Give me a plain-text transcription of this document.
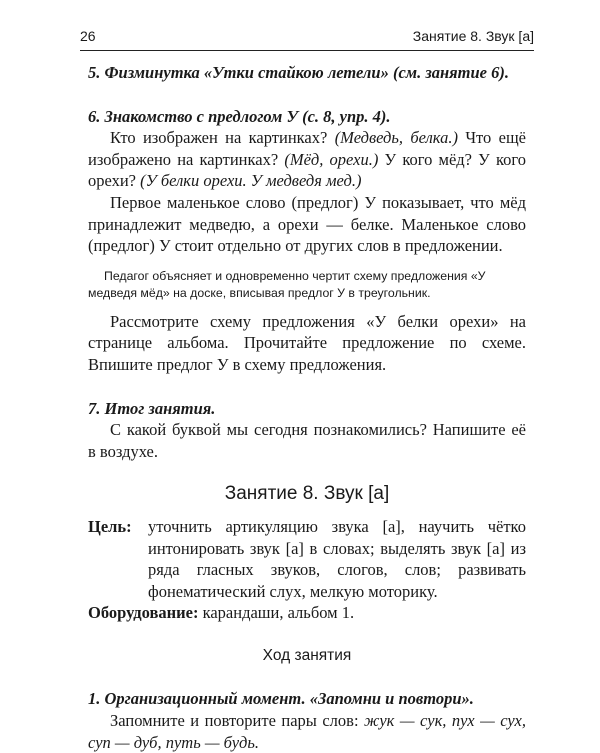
26	Занятие 8. Звук [а]

5. Физминутка «Утки стайкою летели» (см. занятие 6).

6. Знакомство с предлогом У (с. 8, упр. 4).

Кто изображен на картинках? (Медведь, белка.) Что ещё изображено на картинках? (Мёд, орехи.) У кого мёд? У кого орехи? (У белки орехи. У медведя мед.)

Первое маленькое слово (предлог) У показывает, что мёд принадлежит медведю, а орехи — белке. Маленькое слово (предлог) У стоит отдельно от других слов в предложении.

Педагог объясняет и одновременно чертит схему предложения «У медведя мёд» на доске, вписывая предлог У в треугольник.

Рассмотрите схему предложения «У белки орехи» на странице альбома. Прочитайте предложение по схеме. Впишите предлог У в схему предложения.

7. Итог занятия.

С какой буквой мы сегодня познакомились? Напишите её в воздухе.

Занятие 8. Звук [а]
Цель: уточнить артикуляцию звука [а], научить чётко интонировать звук [а] в словах; выделять звук [а] из ряда гласных звуков, слогов, слов; развивать фонематический слух, мелкую моторику.

Оборудование: карандаши, альбом 1.

Ход занятия

1. Организационный момент. «Запомни и повтори».

Запомните и повторите пары слов: жук — сук, пух — сух, суп — дуб, путь — будь.
